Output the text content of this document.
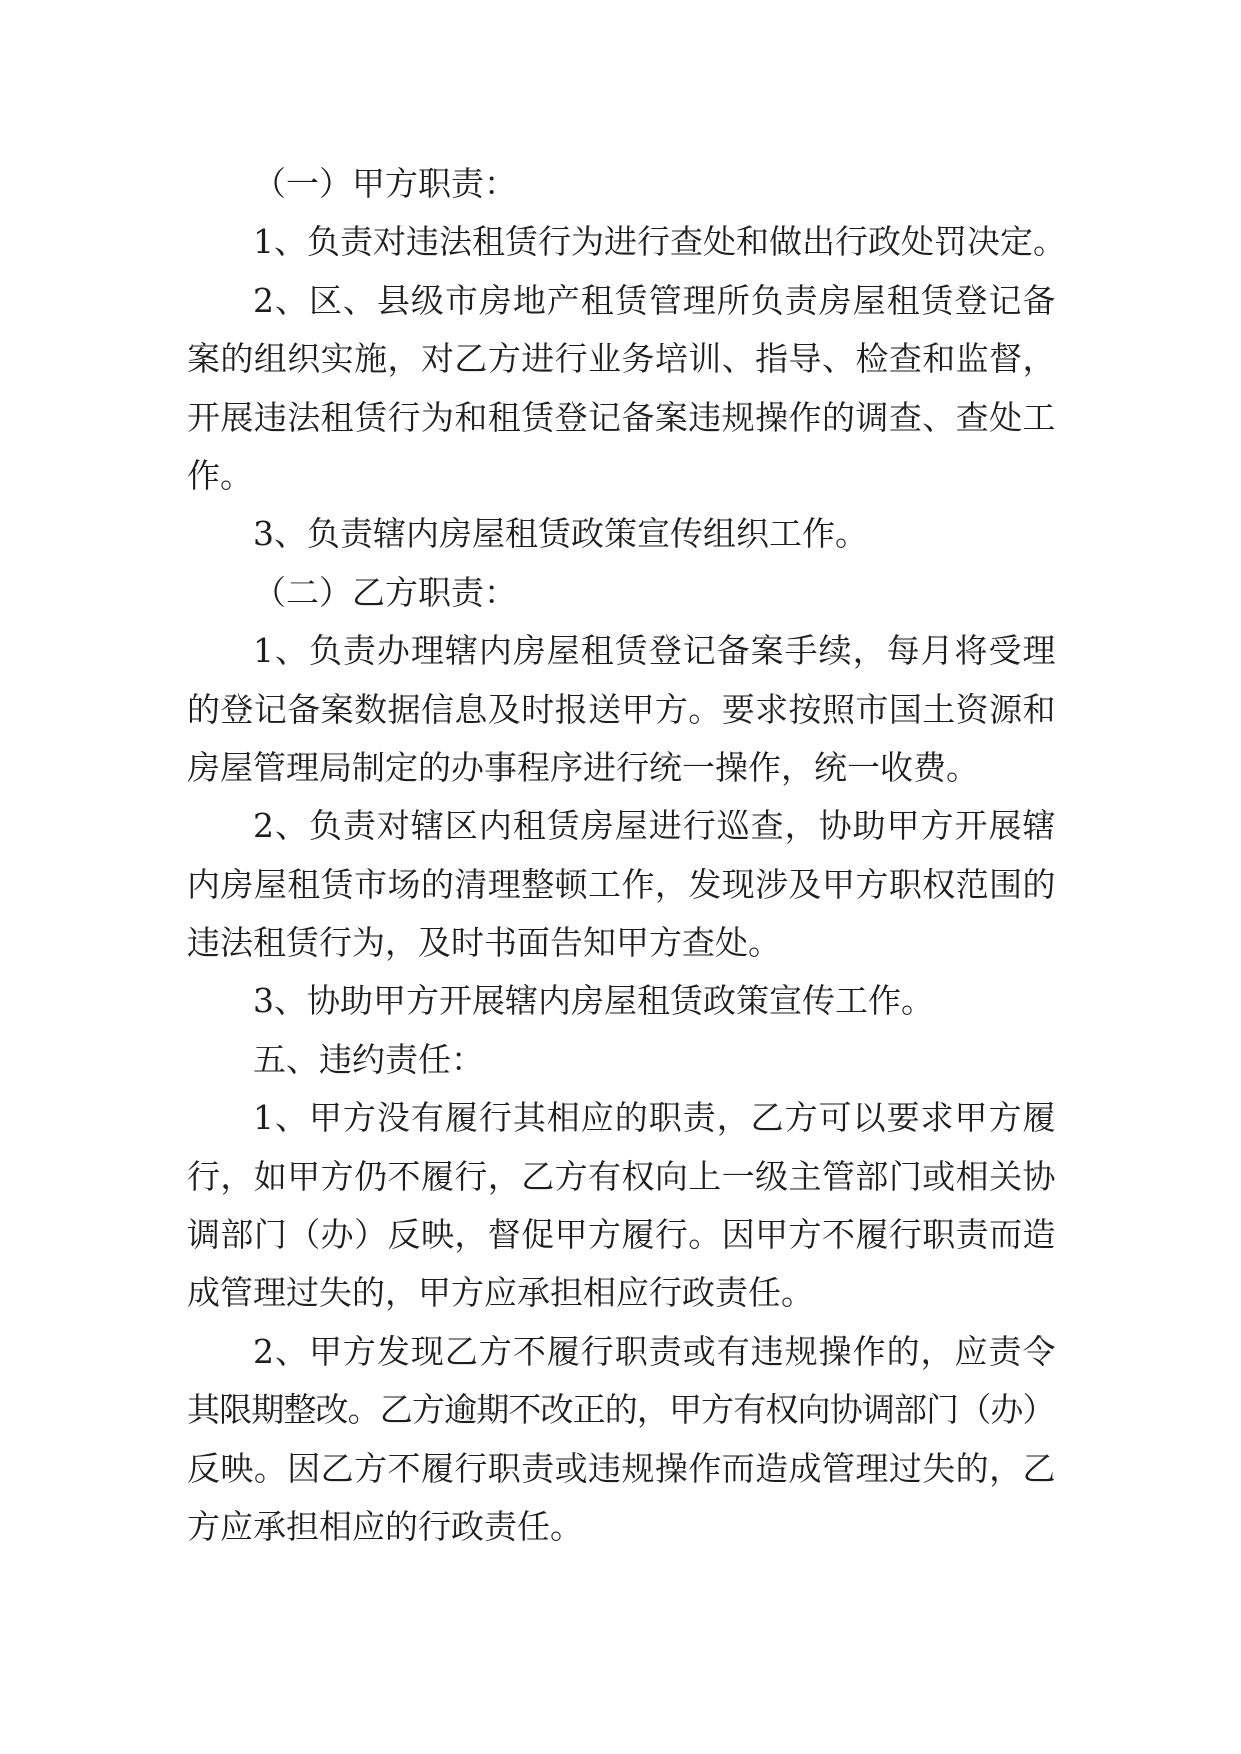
（一）甲方职责：
1、负责对违法租赁行为进行查处和做出行政处罚决定。
2、区、县级市房地产租赁管理所负责房屋租赁登记备
案的组织实施，对乙方进行业务培训、指导、检查和监督，
开展违法租赁行为和租赁登记备案违规操作的调查、查处工
作。
3、负责辖内房屋租赁政策宣传组织工作。
（二）乙方职责：
1、负责办理辖内房屋租赁登记备案手续，每月将受理
的登记备案数据信息及时报送甲方。要求按照市国土资源和
房屋管理局制定的办事程序进行统一操作，统一收费。
2、负责对辖区内租赁房屋进行巡查，协助甲方开展辖
内房屋租赁市场的清理整顿工作，发现涉及甲方职权范围的
违法租赁行为，及时书面告知甲方查处。
3、协助甲方开展辖内房屋租赁政策宣传工作。
五、违约责任：
1、甲方没有履行其相应的职责，乙方可以要求甲方履
行，如甲方仍不履行，乙方有权向上一级主管部门或相关协
调部门（办）反映，督促甲方履行。因甲方不履行职责而造
成管理过失的，甲方应承担相应行政责任。
2、甲方发现乙方不履行职责或有违规操作的，应责令
其限期整改。乙方逾期不改正的，甲方有权向协调部门（办）
反映。因乙方不履行职责或违规操作而造成管理过失的，乙
方应承担相应的行政责任。
